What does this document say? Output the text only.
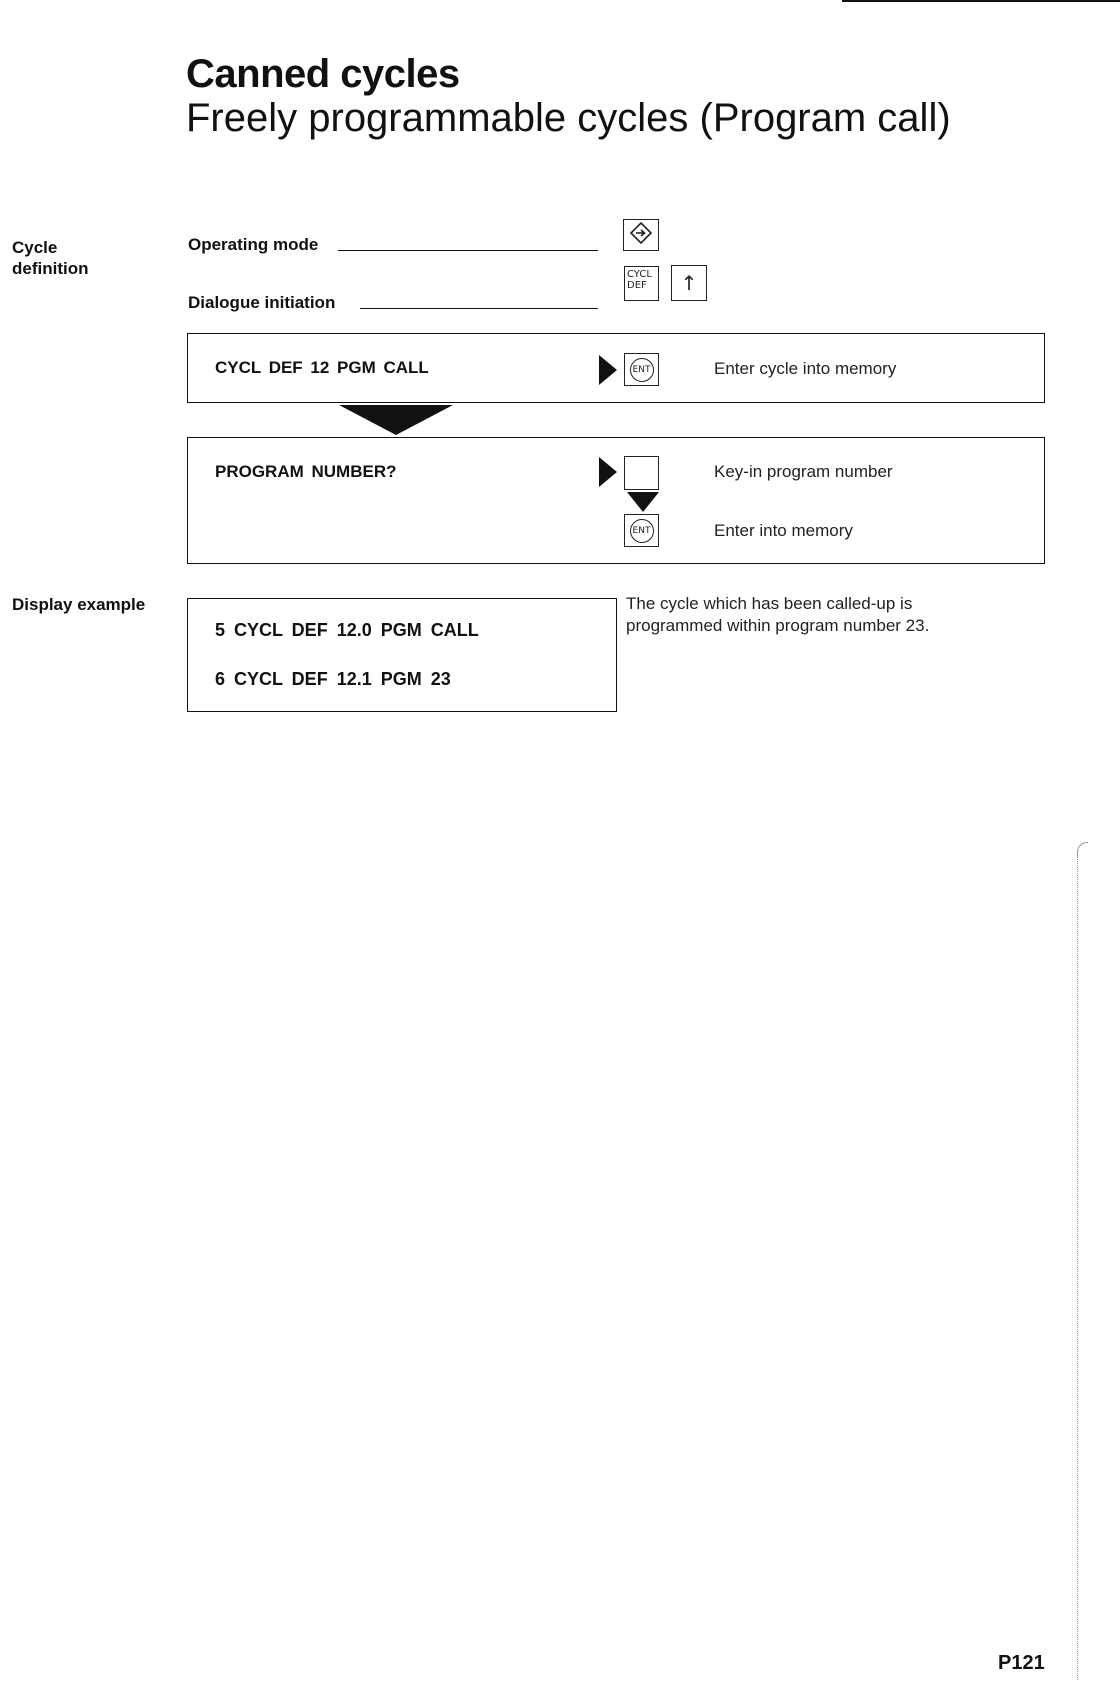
Canned cycles
Freely programmable cycles (Program call)
Cycle
definition
Display example
Operating mode
Dialogue initiation
CYCL
DEF ↑
CYCL DEF 12 PGM CALL	ENT	Enter cycle into memory
PROGRAM NUMBER?	Key-in program number
ENT	Enter into memory
5 CYCL DEF 12.0 PGM CALL
6 CYCL DEF 12.1 PGM 23
The cycle which has been called-up is programmed within program number 23.
P121
